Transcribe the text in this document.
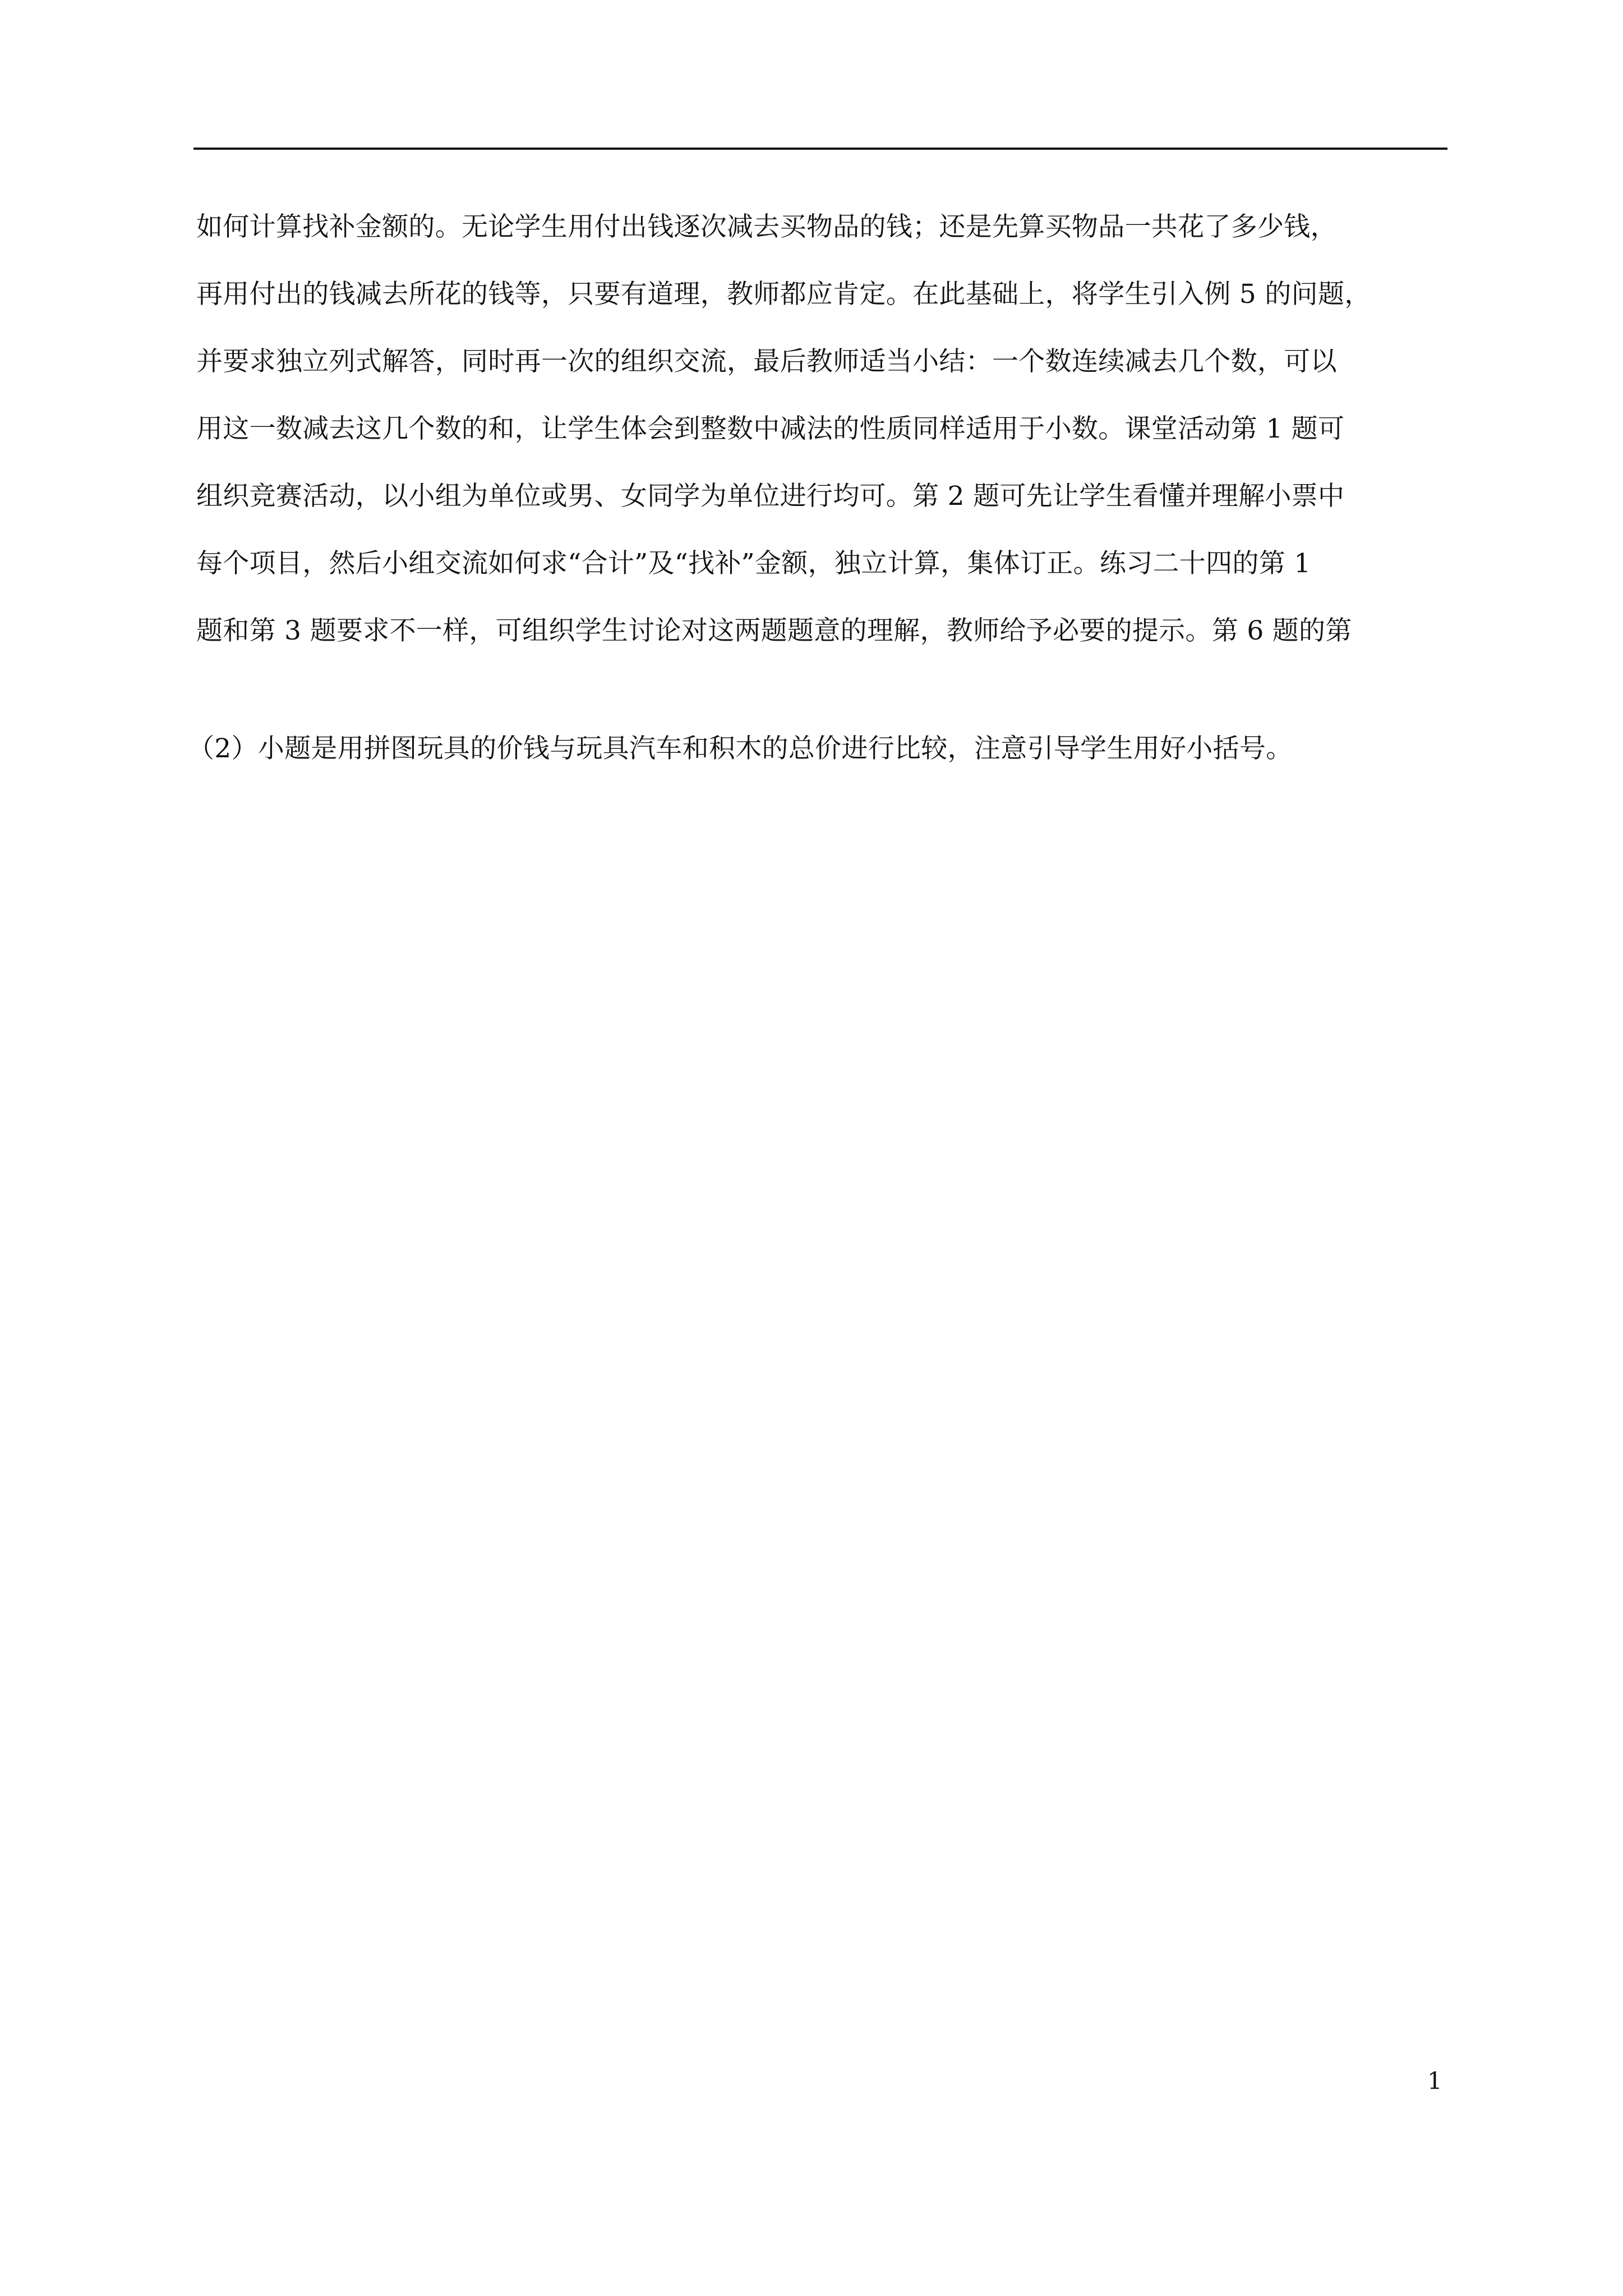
如何计算找补金额的。无论学生用付出钱逐次减去买物品的钱；还是先算买物品一共花了多少钱，
再用付出的钱减去所花的钱等，只要有道理，教师都应肯定。在此基础上，将学生引入例 5 的问题，
并要求独立列式解答，同时再一次的组织交流，最后教师适当小结：一个数连续减去几个数，可以
用这一数减去这几个数的和，让学生体会到整数中减法的性质同样适用于小数。课堂活动第 1 题可
组织竞赛活动，以小组为单位或男、女同学为单位进行均可。第 2 题可先让学生看懂并理解小票中
每个项目，然后小组交流如何求“合计”及“找补”金额，独立计算，集体订正。练习二十四的第 1
题和第 3 题要求不一样，可组织学生讨论对这两题题意的理解，教师给予必要的提示。第 6 题的第
（2）小题是用拼图玩具的价钱与玩具汽车和积木的总价进行比较，注意引导学生用好小括号。
1
